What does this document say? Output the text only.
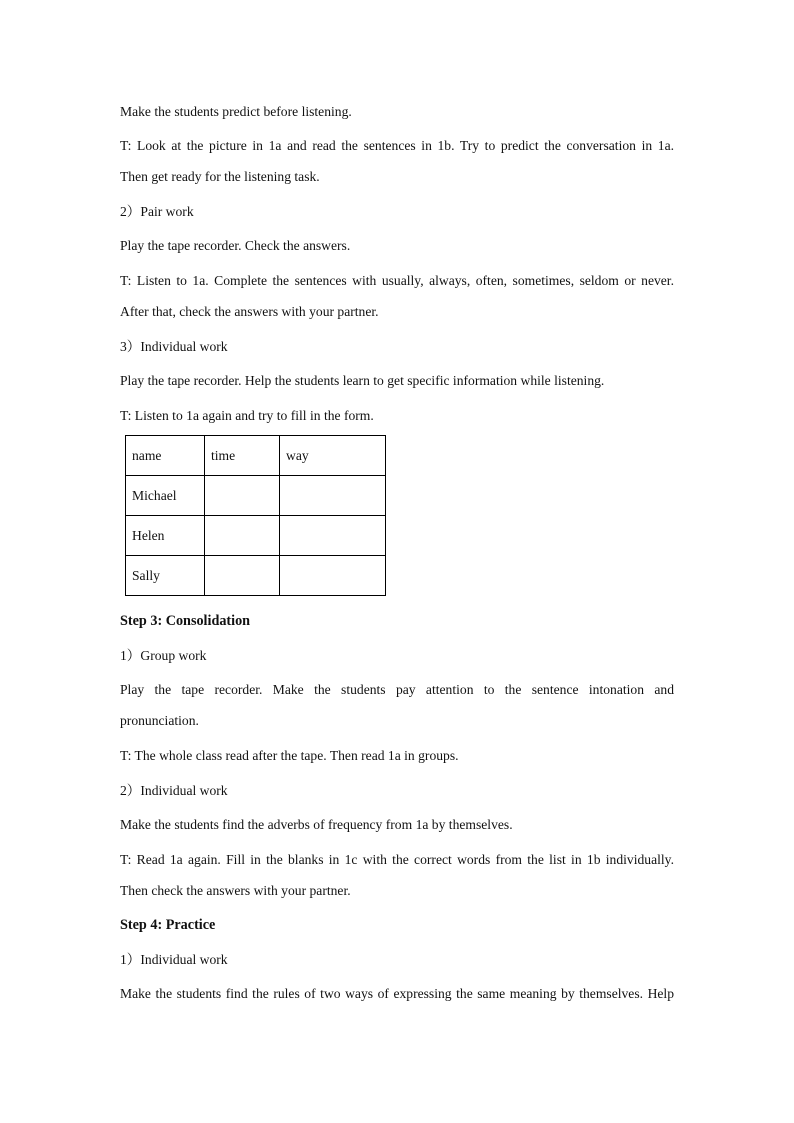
Make the students predict before listening.

T: Look at the picture in 1a and read the sentences in 1b. Try to predict the conversation in 1a.

Then get ready for the listening task.

2）Pair work

Play the tape recorder. Check the answers.

T: Listen to 1a. Complete the sentences with usually, always, often, sometimes, seldom or never.

After that, check the answers with your partner.

3）Individual work

Play the tape recorder. Help the students learn to get specific information while listening.

T: Listen to 1a again and try to fill in the form.

name	time	way
Michael		
Helen		
Sally		

Step 3: Consolidation

1）Group work

Play the tape recorder. Make the students pay attention to the sentence intonation and

pronunciation.

T: The whole class read after the tape. Then read 1a in groups.

2）Individual work

Make the students find the adverbs of frequency from 1a by themselves.

T: Read 1a again. Fill in the blanks in 1c with the correct words from the list in 1b individually.

Then check the answers with your partner.

Step 4: Practice

1）Individual work

Make the students find the rules of two ways of expressing the same meaning by themselves. Help
